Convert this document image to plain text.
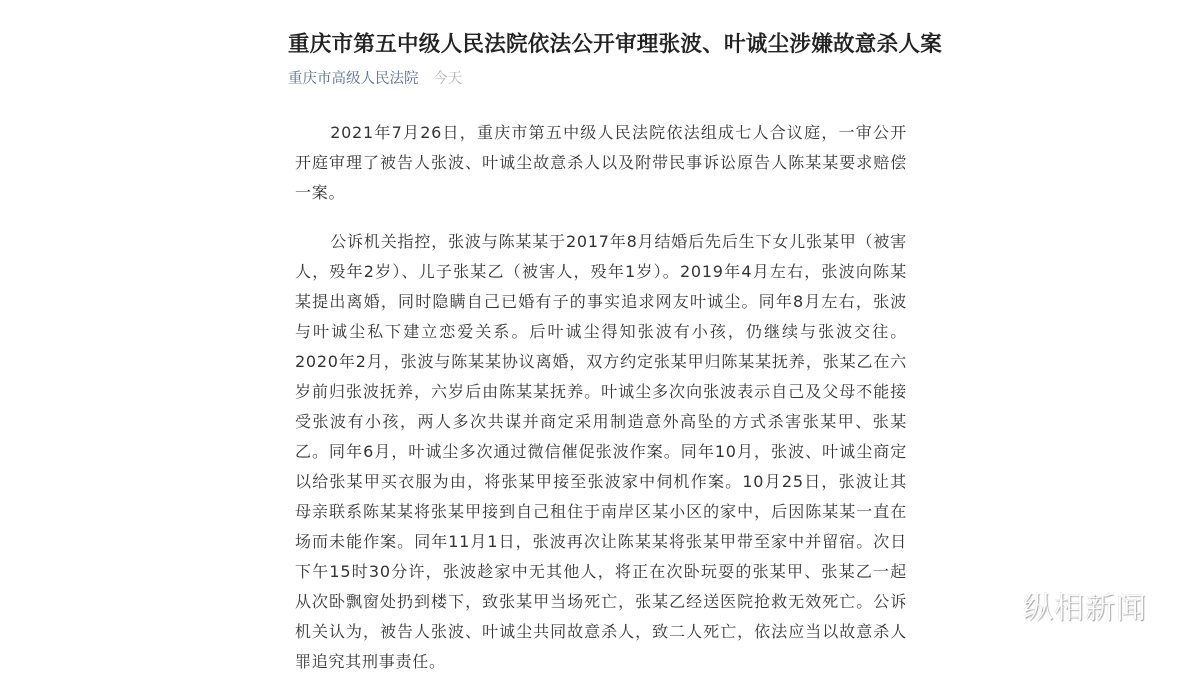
重庆市第五中级人民法院依法公开审理张波、叶诚尘涉嫌故意杀人案
重庆市高级人民法院 今天

2021年7月26日，重庆市第五中级人民法院依法组成七人合议庭，一审公开开庭审理了被告人张波、叶诚尘故意杀人以及附带民事诉讼原告人陈某某要求赔偿一案。

公诉机关指控，张波与陈某某于2017年8月结婚后先后生下女儿张某甲（被害人，殁年2岁）、儿子张某乙（被害人，殁年1岁）。2019年4月左右，张波向陈某某提出离婚，同时隐瞒自己已婚有子的事实追求网友叶诚尘。同年8月左右，张波与叶诚尘私下建立恋爱关系。后叶诚尘得知张波有小孩，仍继续与张波交往。2020年2月，张波与陈某某协议离婚，双方约定张某甲归陈某某抚养，张某乙在六岁前归张波抚养，六岁后由陈某某抚养。叶诚尘多次向张波表示自己及父母不能接受张波有小孩，两人多次共谋并商定采用制造意外高坠的方式杀害张某甲、张某乙。同年6月，叶诚尘多次通过微信催促张波作案。同年10月，张波、叶诚尘商定以给张某甲买衣服为由，将张某甲接至张波家中伺机作案。10月25日，张波让其母亲联系陈某某将张某甲接到自己租住于南岸区某小区的家中，后因陈某某一直在场而未能作案。同年11月1日，张波再次让陈某某将张某甲带至家中并留宿。次日下午15时30分许，张波趁家中无其他人，将正在次卧玩耍的张某甲、张某乙一起从次卧飘窗处扔到楼下，致张某甲当场死亡，张某乙经送医院抢救无效死亡。公诉机关认为，被告人张波、叶诚尘共同故意杀人，致二人死亡，依法应当以故意杀人罪追究其刑事责任。

纵相新闻
